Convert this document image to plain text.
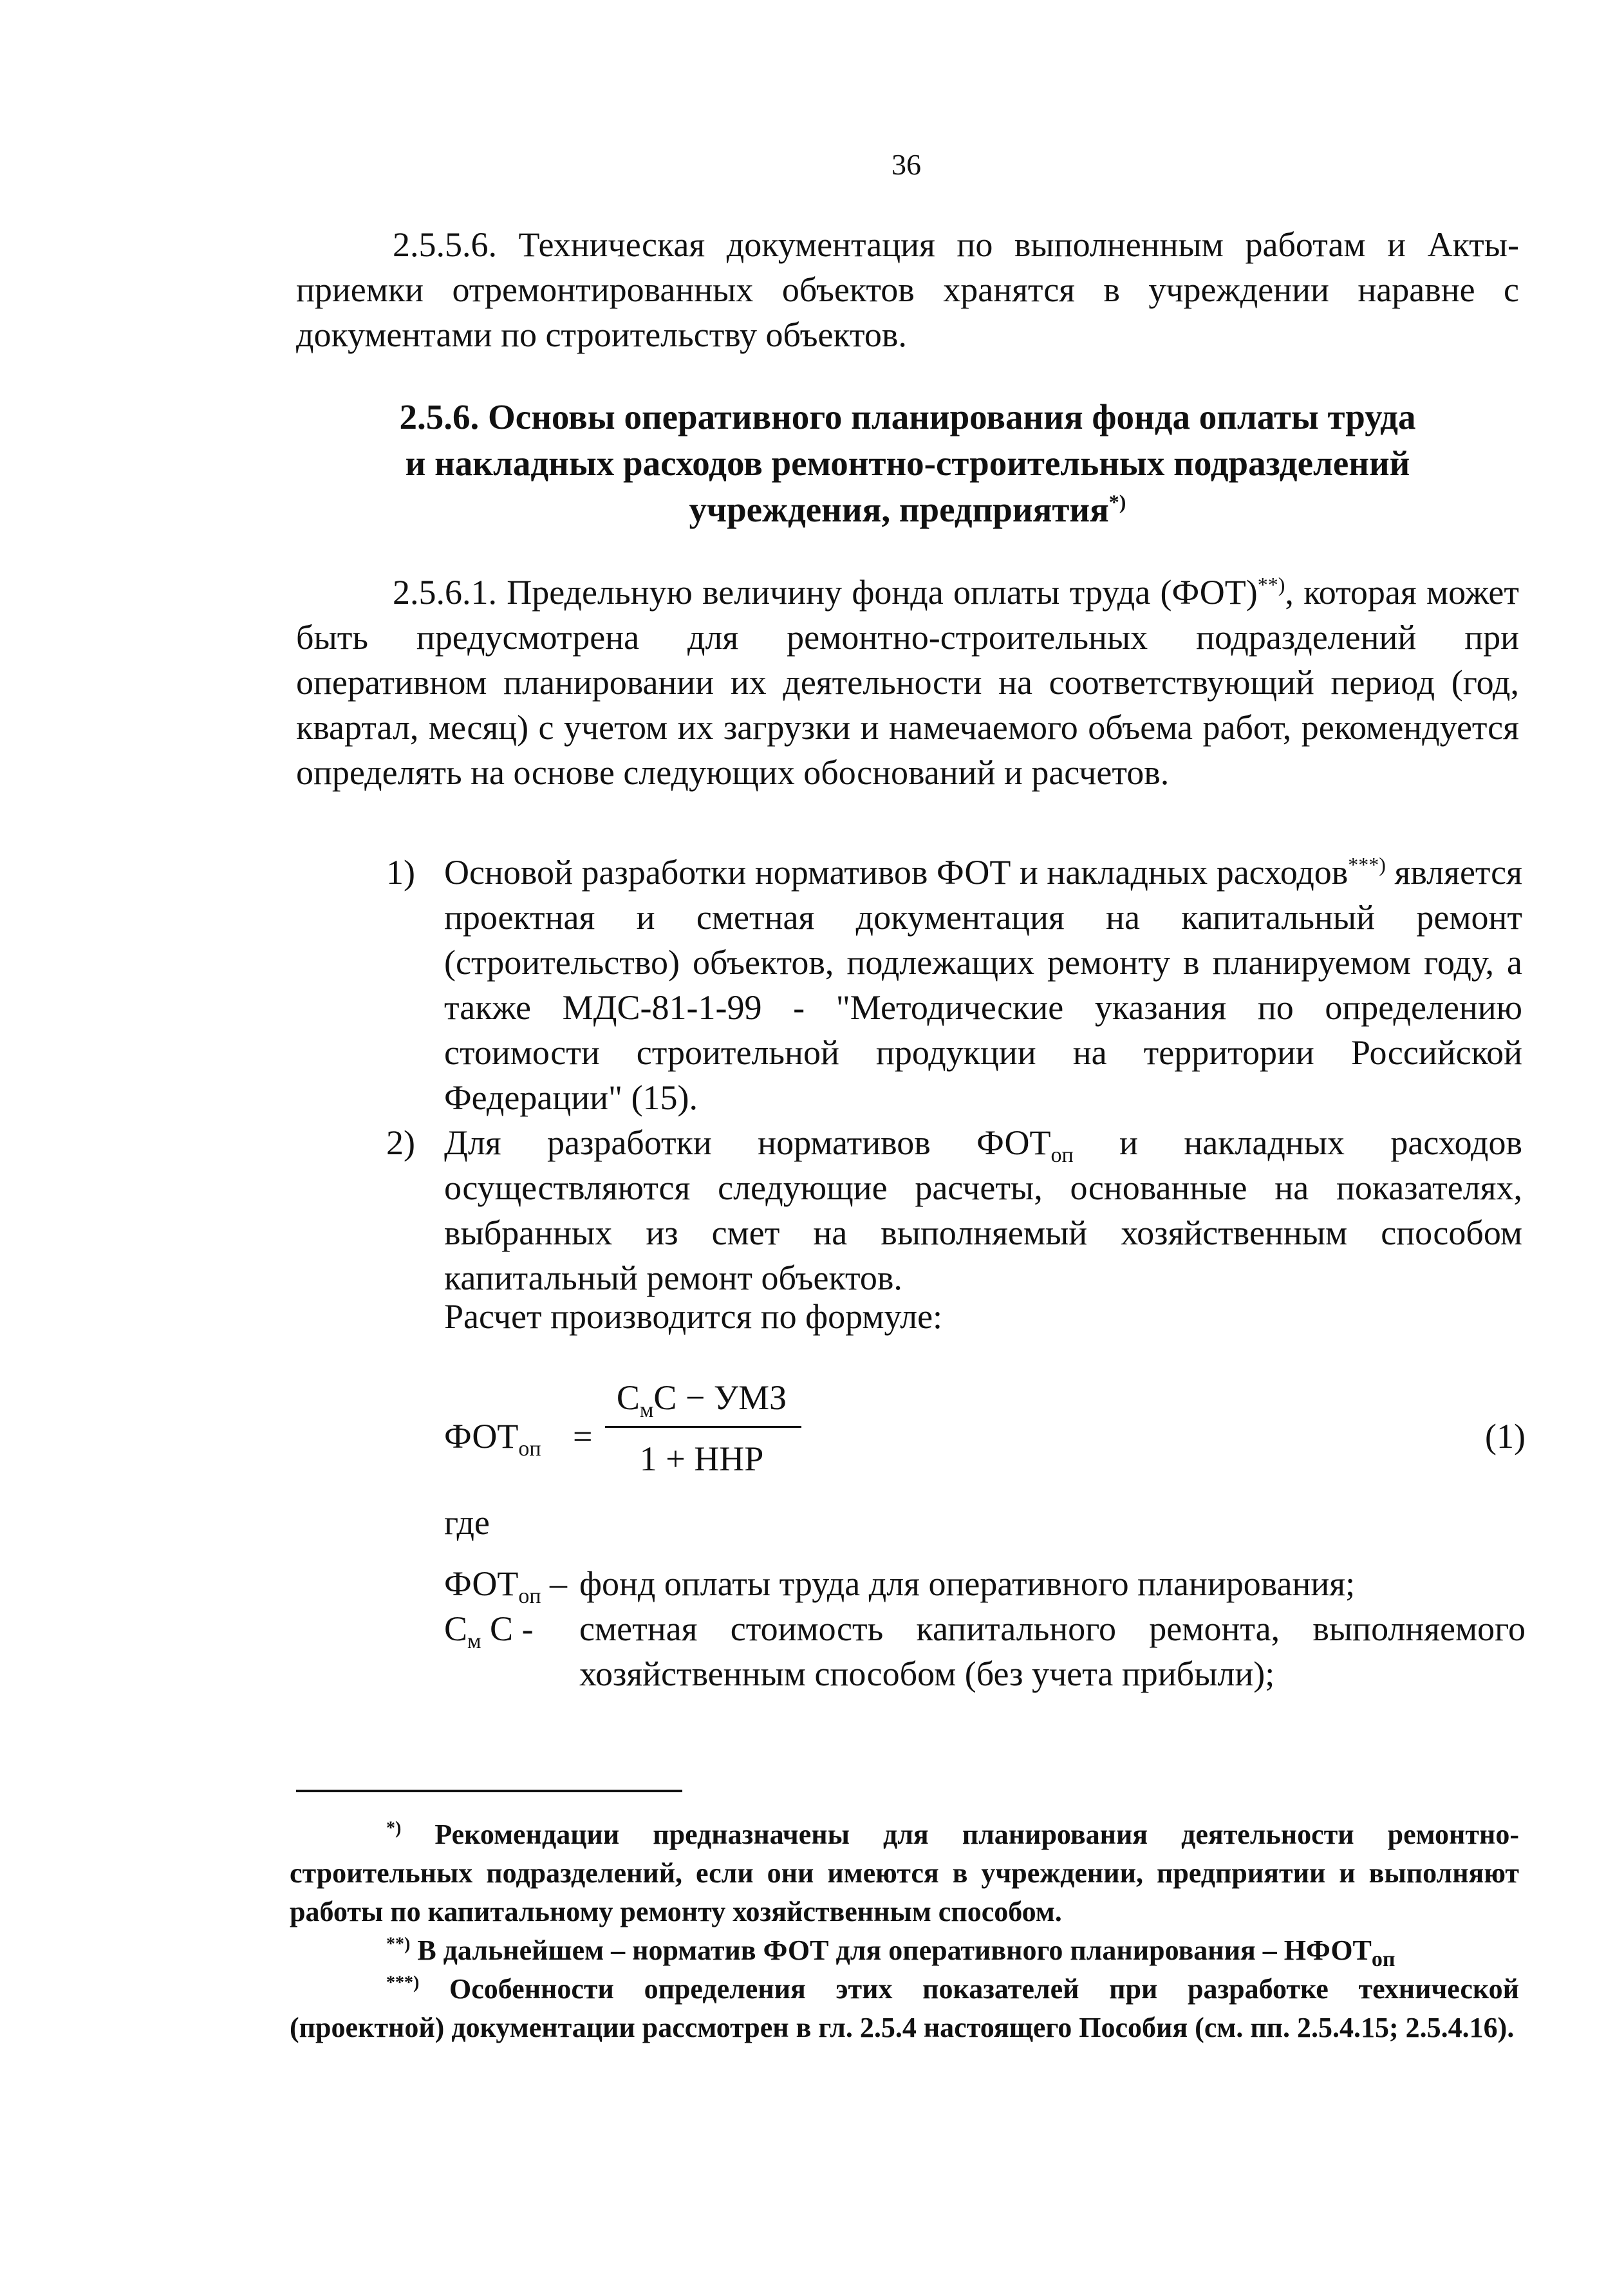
36

2.5.5.6. Техническая документация по выполненным работам и Акты-приемки отремонтированных объектов хранятся в учреждении наравне с документами по строительству объектов.

2.5.6. Основы оперативного планирования фонда оплаты труда
и накладных расходов ремонтно-строительных подразделений
учреждения, предприятия*)

2.5.6.1. Предельную величину фонда оплаты труда (ФОТ)**), которая может быть предусмотрена для ремонтно-строительных подразделений при оперативном планировании их деятельности на соответствующий период (год, квартал, месяц) с учетом их загрузки и намечаемого объема работ, рекомендуется определять на основе следующих обоснований и расчетов.

1) Основой разработки нормативов ФОТ и накладных расходов***) является проектная и сметная документация на капитальный ремонт (строительство) объектов, подлежащих ремонту в планируемом году, а также МДС-81-1-99 - "Методические указания по определению стоимости строительной продукции на территории Российской Федерации" (15).
2) Для разработки нормативов $ФОТ_{оп}$ и накладных расходов осуществляются следующие расчеты, основанные на показателях, выбранных из смет на выполняемый хозяйственным способом капитальный ремонт объектов.
Расчет производится по формуле:
$ФОТ_{оп}$ =
$С_мС$ − УМЗ
1 + ННР
(1)
где
$ФОТ_{оп}$ – фонд оплаты труда для оперативного планирования;
$С_м$ С - сметная стоимость капитального ремонта, выполняемого хозяйственным способом (без учета прибыли);

*) Рекомендации предназначены для планирования деятельности ремонтно-строительных подразделений, если они имеются в учреждении, предприятии и выполняют работы по капитальному ремонту хозяйственным способом.

**) В дальнейшем – норматив ФОТ для оперативного планирования – $НФОТ_{оп}$

***) Особенности определения этих показателей при разработке технической (проектной) документации рассмотрен в гл. 2.5.4 настоящего Пособия (см. пп. 2.5.4.15; 2.5.4.16).
